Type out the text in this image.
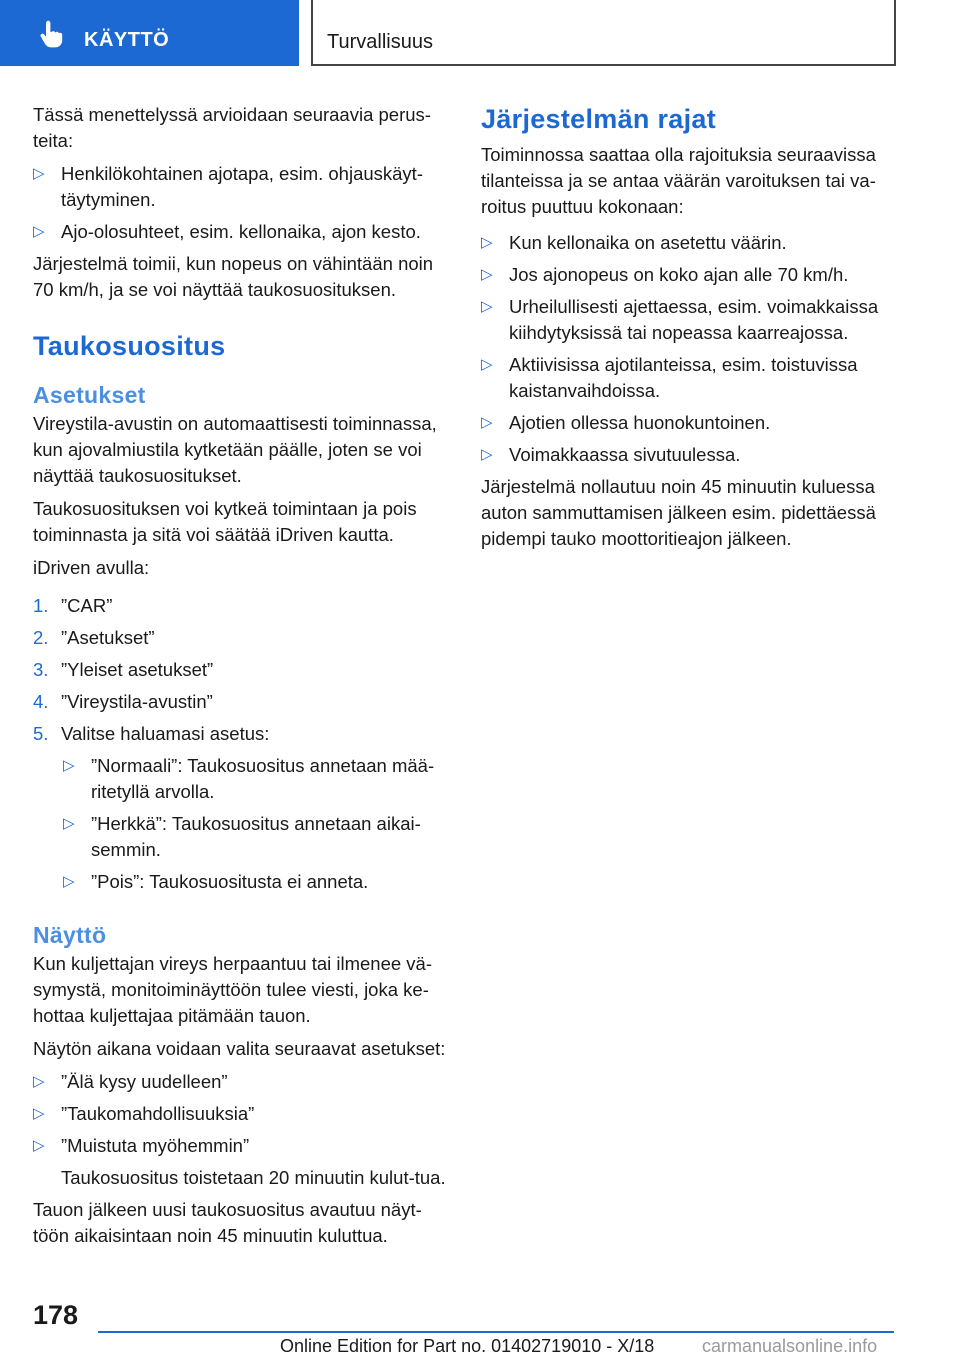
KÄYTTÖ	Turvallisuus

Tässä menettelyssä arvioidaan seuraavia perus-teita:

▷ Henkilökohtainen ajotapa, esim. ohjauskäyt-täytyminen.
▷ Ajo-olosuhteet, esim. kellonaika, ajon kesto.

Järjestelmä toimii, kun nopeus on vähintään noin 70 km/h, ja se voi näyttää taukosuosituksen.

Taukosuositus
Asetukset

Vireystila-avustin on automaattisesti toiminnassa, kun ajovalmiustila kytketään päälle, joten se voi näyttää taukosuositukset.

Taukosuosituksen voi kytkeä toimintaan ja pois toiminnasta ja sitä voi säätää iDriven kautta.

iDriven avulla:

1. ”CAR”
2. ”Asetukset”
3. ”Yleiset asetukset”
4. ”Vireystila-avustin”
5. Valitse haluamasi asetus:
▷ ”Normaali”: Taukosuositus annetaan mää-ritetyllä arvolla.
▷ ”Herkkä”: Taukosuositus annetaan aikai-semmin.
▷ ”Pois”: Taukosuositusta ei anneta.
Näyttö

Kun kuljettajan vireys herpaantuu tai ilmenee vä-symystä, monitoiminäyttöön tulee viesti, joka ke-hottaa kuljettajaa pitämään tauon.

Näytön aikana voidaan valita seuraavat asetukset:

▷ ”Älä kysy uudelleen”
▷ ”Taukomahdollisuuksia”
▷ ”Muistuta myöhemmin”
Taukosuositus toistetaan 20 minuutin kulut-tua.

Tauon jälkeen uusi taukosuositus avautuu näyt-töön aikaisintaan noin 45 minuutin kuluttua.

Järjestelmän rajat

Toiminnossa saattaa olla rajoituksia seuraavissa tilanteissa ja se antaa väärän varoituksen tai va-roitus puuttuu kokonaan:

▷ Kun kellonaika on asetettu väärin.
▷ Jos ajonopeus on koko ajan alle 70 km/h.
▷ Urheilullisesti ajettaessa, esim. voimakkaissa kiihdytyksissä tai nopeassa kaarreajossa.
▷ Aktiivisissa ajotilanteissa, esim. toistuvissa kaistanvaihdoissa.
▷ Ajotien ollessa huonokuntoinen.
▷ Voimakkaassa sivutuulessa.

Järjestelmä nollautuu noin 45 minuutin kuluessa auton sammuttamisen jälkeen esim. pidettäessä pidempi tauko moottoritieajon jälkeen.

178
Online Edition for Part no. 01402719010 - X/18	carmanualsonline.info
